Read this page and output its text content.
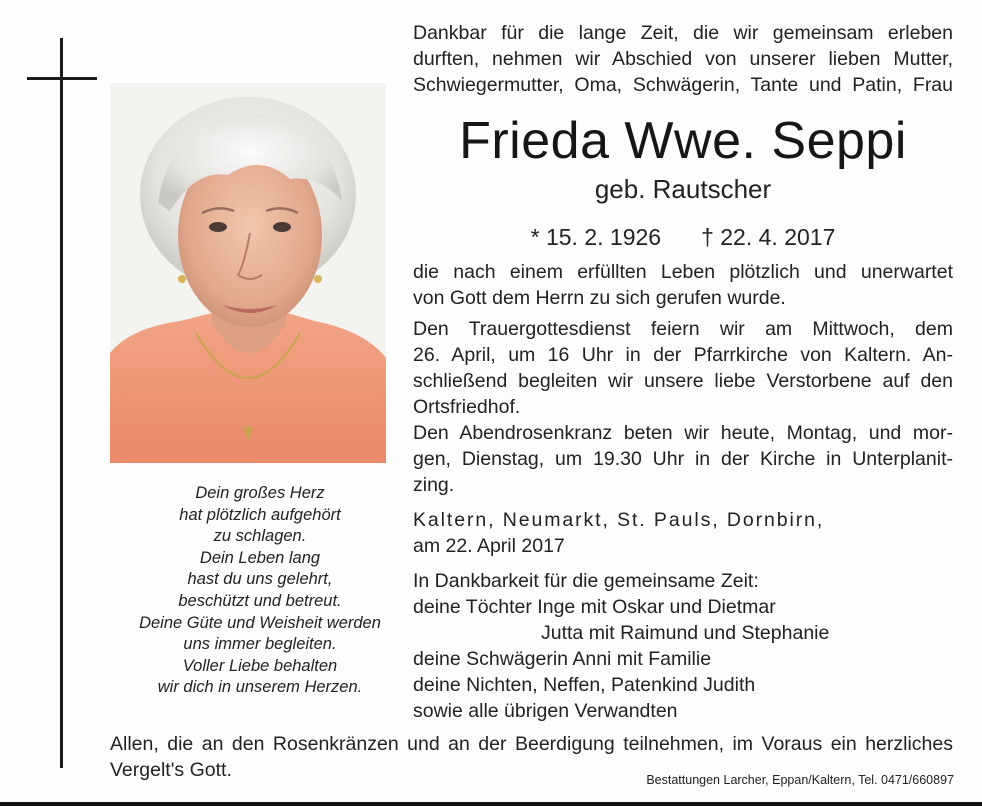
Dein großes Herz
hat plötzlich aufgehört
zu schlagen.
Dein Leben lang
hast du uns gelehrt,
beschützt und betreut.
Deine Güte und Weisheit werden
uns immer begleiten.
Voller Liebe behalten
wir dich in unserem Herzen.
Dankbar für die lange Zeit, die wir gemeinsam erleben
durften, nehmen wir Abschied von unserer lieben Mutter,
Schwiegermutter, Oma, Schwägerin, Tante und Patin, Frau
Frieda Wwe. Seppi
geb. Rautscher
* 15. 2. 1926 † 22. 4. 2017
die nach einem erfüllten Leben plötzlich und unerwartet
von Gott dem Herrn zu sich gerufen wurde.
Den Trauergottesdienst feiern wir am Mittwoch, dem
26. April, um 16 Uhr in der Pfarrkirche von Kaltern. An-
schließend begleiten wir unsere liebe Verstorbene auf den
Ortsfriedhof.
Den Abendrosenkranz beten wir heute, Montag, und mor-
gen, Dienstag, um 19.30 Uhr in der Kirche in Unterplanit-
zing.
Kaltern, Neumarkt, St. Pauls, Dornbirn,
am 22. April 2017
In Dankbarkeit für die gemeinsame Zeit:
deine Töchter Inge mit Oskar und Dietmar
Jutta mit Raimund und Stephanie
deine Schwägerin Anni mit Familie
deine Nichten, Neffen, Patenkind Judith
sowie alle übrigen Verwandten
Allen, die an den Rosenkränzen und an der Beerdigung teilnehmen, im Voraus ein herzliches
Vergelt's Gott.	Bestattungen Larcher, Eppan/Kaltern, Tel. 0471/660897
